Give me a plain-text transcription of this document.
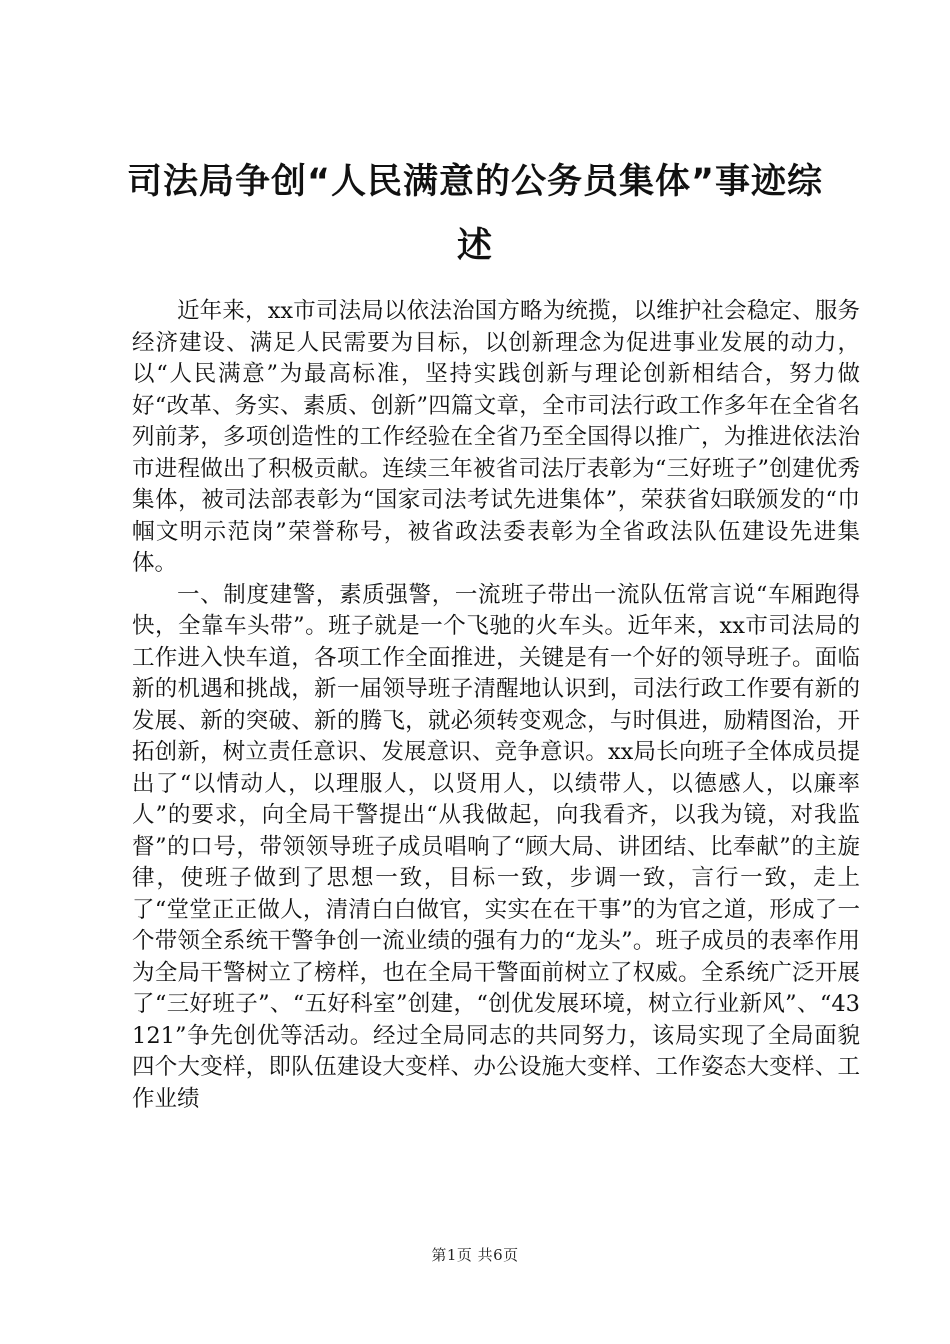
司法局争创“人民满意的公务员集体”事迹综
述

近年来，xx市司法局以依法治国方略为统揽，以维护社会稳定、服务经济建设、满足人民需要为目标，以创新理念为促进事业发展的动力，以“人民满意”为最高标准，坚持实践创新与理论创新相结合，努力做好“改革、务实、素质、创新”四篇文章，全市司法行政工作多年在全省名列前茅，多项创造性的工作经验在全省乃至全国得以推广，为推进依法治市进程做出了积极贡献。连续三年被省司法厅表彰为“三好班子”创建优秀集体，被司法部表彰为“国家司法考试先进集体”，荣获省妇联颁发的“巾帼文明示范岗”荣誉称号，被省政法委表彰为全省政法队伍建设先进集体。

一、制度建警，素质强警，一流班子带出一流队伍常言说“车厢跑得快，全靠车头带”。班子就是一个飞驰的火车头。近年来，xx市司法局的工作进入快车道，各项工作全面推进，关键是有一个好的领导班子。面临新的机遇和挑战，新一届领导班子清醒地认识到，司法行政工作要有新的发展、新的突破、新的腾飞，就必须转变观念，与时俱进，励精图治，开拓创新，树立责任意识、发展意识、竞争意识。xx局长向班子全体成员提出了“以情动人，以理服人，以贤用人，以绩带人，以德感人，以廉率人”的要求，向全局干警提出“从我做起，向我看齐，以我为镜，对我监督”的口号，带领领导班子成员唱响了“顾大局、讲团结、比奉献”的主旋律，使班子做到了思想一致，目标一致，步调一致，言行一致，走上了“堂堂正正做人，清清白白做官，实实在在干事”的为官之道，形成了一个带领全系统干警争创一流业绩的强有力的“龙头”。班子成员的表率作用为全局干警树立了榜样，也在全局干警面前树立了权威。全系统广泛开展了“三好班子”、“五好科室”创建，“创优发展环境，树立行业新风”、“43121”争先创优等活动。经过全局同志的共同努力，该局实现了全局面貌四个大变样，即队伍建设大变样、办公设施大变样、工作姿态大变样、工作业绩

第1页 共6页
